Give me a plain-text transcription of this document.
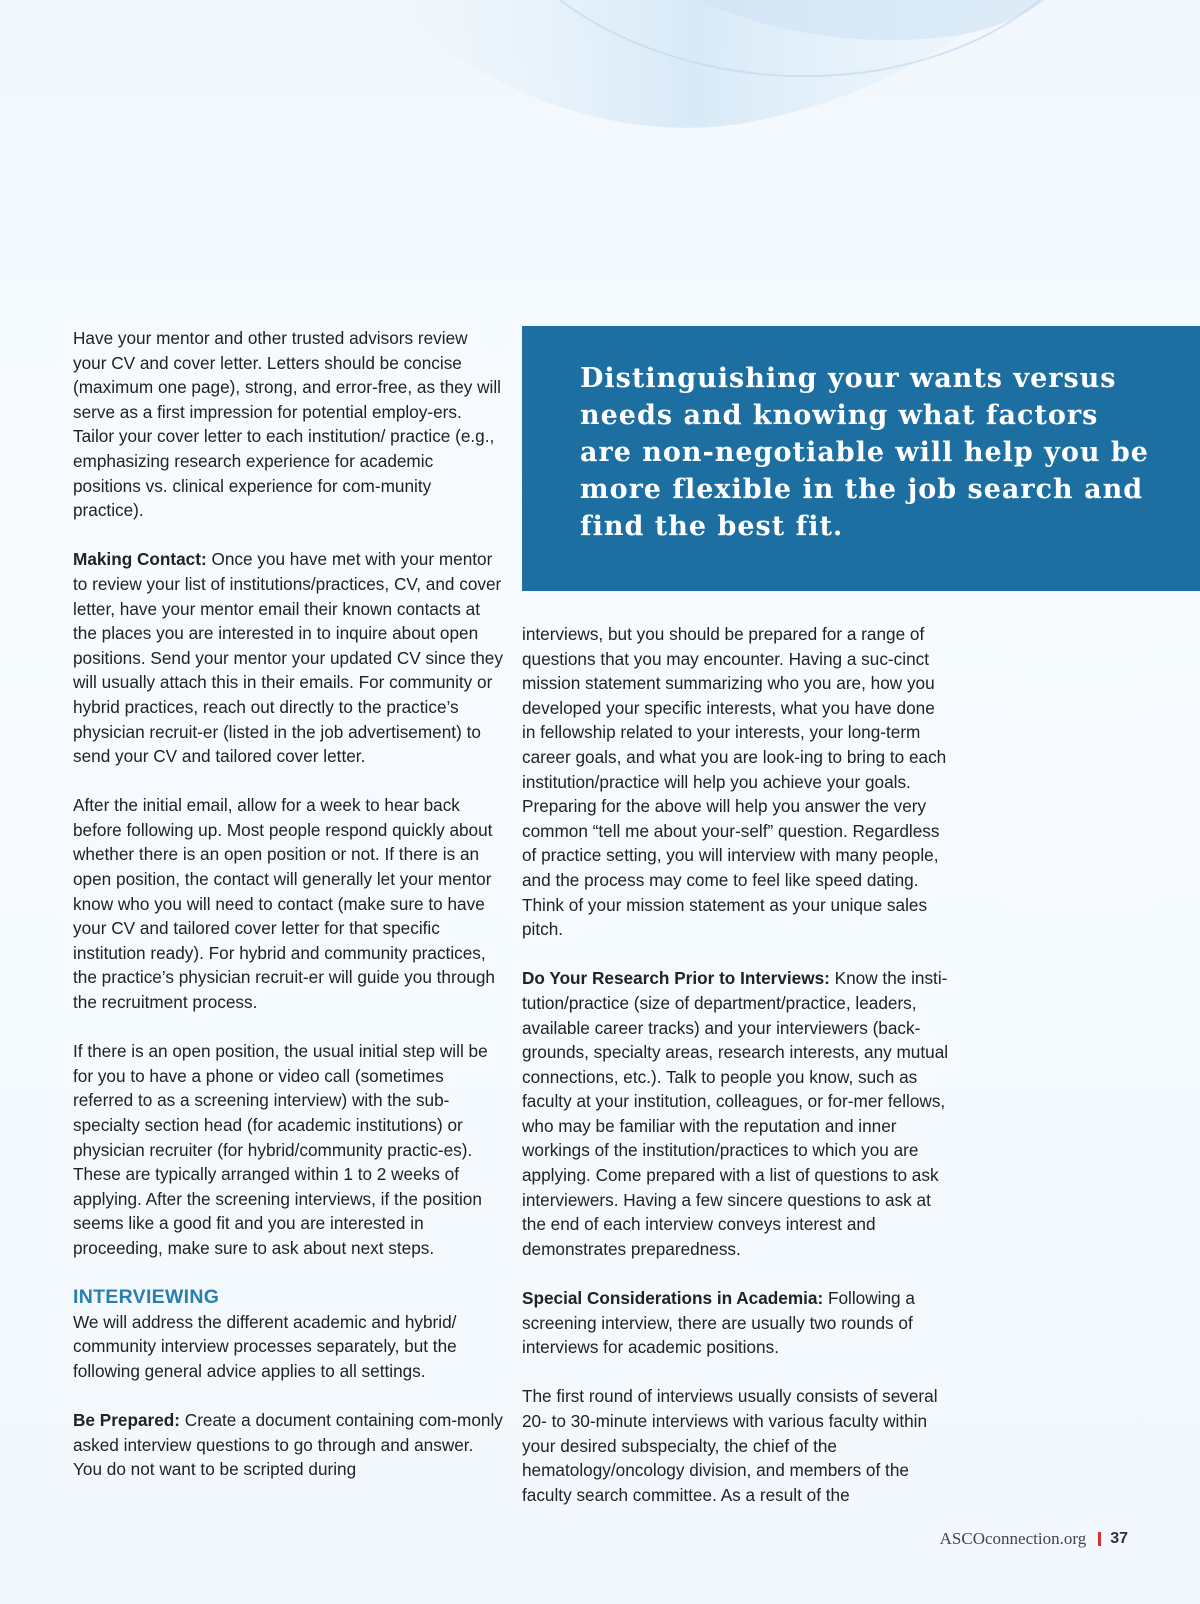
Have your mentor and other trusted advisors review your CV and cover letter. Letters should be concise (maximum one page), strong, and error-free, as they will serve as a first impression for potential employ-ers. Tailor your cover letter to each institution/ practice (e.g., emphasizing research experience for academic positions vs. clinical experience for com-munity practice).

Making Contact: Once you have met with your mentor to review your list of institutions/practices, CV, and cover letter, have your mentor email their known contacts at the places you are interested in to inquire about open positions. Send your mentor your updated CV since they will usually attach this in their emails. For community or hybrid practices, reach out directly to the practice’s physician recruit-er (listed in the job advertisement) to send your CV and tailored cover letter.

After the initial email, allow for a week to hear back before following up. Most people respond quickly about whether there is an open position or not. If there is an open position, the contact will generally let your mentor know who you will need to contact (make sure to have your CV and tailored cover letter for that specific institution ready). For hybrid and community practices, the practice’s physician recruit-er will guide you through the recruitment process.

If there is an open position, the usual initial step will be for you to have a phone or video call (sometimes referred to as a screening interview) with the sub-specialty section head (for academic institutions) or physician recruiter (for hybrid/community practic-es). These are typically arranged within 1 to 2 weeks of applying. After the screening interviews, if the position seems like a good fit and you are interested in proceeding, make sure to ask about next steps.

INTERVIEWING

We will address the different academic and hybrid/ community interview processes separately, but the following general advice applies to all settings.

Be Prepared: Create a document containing com-monly asked interview questions to go through and answer. You do not want to be scripted during

Distinguishing your wants versus needs and knowing what factors are non-negotiable will help you be more flexible in the job search and find the best fit.

interviews, but you should be prepared for a range of questions that you may encounter. Having a suc-cinct mission statement summarizing who you are, how you developed your specific interests, what you have done in fellowship related to your interests, your long-term career goals, and what you are look-ing to bring to each institution/practice will help you achieve your goals. Preparing for the above will help you answer the very common “tell me about your-self” question. Regardless of practice setting, you will interview with many people, and the process may come to feel like speed dating. Think of your mission statement as your unique sales pitch.

Do Your Research Prior to Interviews: Know the insti-tution/practice (size of department/practice, leaders, available career tracks) and your interviewers (back-grounds, specialty areas, research interests, any mutual connections, etc.). Talk to people you know, such as faculty at your institution, colleagues, or for-mer fellows, who may be familiar with the reputation and inner workings of the institution/practices to which you are applying. Come prepared with a list of questions to ask interviewers. Having a few sincere questions to ask at the end of each interview conveys interest and demonstrates preparedness.

Special Considerations in Academia: Following a screening interview, there are usually two rounds of interviews for academic positions.

The first round of interviews usually consists of several 20- to 30-minute interviews with various faculty within your desired subspecialty, the chief of the hematology/oncology division, and members of the faculty search committee. As a result of the

ASCOconnection.org 37
